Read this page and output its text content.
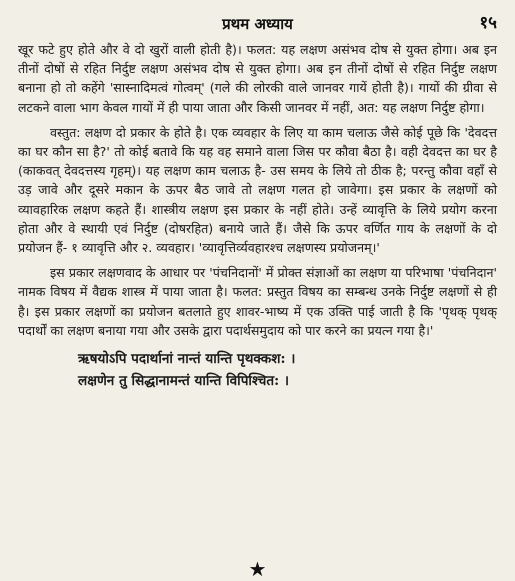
प्रथम अध्याय	१५

खूर फटे हुए होते और वे दो खुरों वाली होती है)। फलत: यह लक्षण असंभव दोष से युक्त होगा। अब इन तीनों दोषों से रहित निर्दुष्ट लक्षण असंभव दोष से युक्त होगा। अब इन तीनों दोषों से रहित निर्दुष्ट लक्षण बनाना हो तो कहेंगे 'सास्नादिमत्वं गोत्वम्' (गले की लोरकी वाले जानवर गायें होती है)। गायों की ग्रीवा से लटकने वाला भाग केवल गायों में ही पाया जाता और किसी जानवर में नहीं, अत: यह लक्षण निर्दुष्ट होगा।

वस्तुत: लक्षण दो प्रकार के होते है। एक व्यवहार के लिए या काम चलाऊ जैसे कोई पूछे कि 'देवदत्त का घर कौन सा है?' तो कोई बतावे कि यह वह समाने वाला जिस पर कौवा बैठा है। वही देवदत्त का घर है (काकवत् देवदत्तस्य गृहम्)। यह लक्षण काम चलाऊ है- उस समय के लिये तो ठीक है; परन्तु कौवा वहाँ से उड़ जावे और दूसरे मकान के ऊपर बैठ जावे तो लक्षण गलत हो जावेगा। इस प्रकार के लक्षणों को व्यावहारिक लक्षण कहते हैं। शास्त्रीय लक्षण इस प्रकार के नहीं होते। उन्हें व्यावृत्ति के लिये प्रयोग करना होता और वे स्थायी एवं निर्दुष्ट (दोषरहित) बनाये जाते हैं। जैसे कि ऊपर वर्णित गाय के लक्षणों के दो प्रयोजन हैं- १ व्यावृत्ति और २. व्यवहार। 'व्यावृत्तिर्व्यवहारश्च लक्षणस्य प्रयोजनम्।'

इस प्रकार लक्षणवाद के आधार पर 'पंचनिदानों' में प्रोक्त संज्ञाओं का लक्षण या परिभाषा 'पंचनिदान' नामक विषय में वैद्यक शास्त्र में पाया जाता है। फलत: प्रस्तुत विषय का सम्बन्ध उनके निर्दुष्ट लक्षणों से ही है। इस प्रकार लक्षणों का प्रयोजन बतलाते हुए शावर-भाष्य में एक उक्ति पाई जाती है कि 'पृथक् पृथक् पदार्थों का लक्षण बनाया गया और उसके द्वारा पदार्थसमुदाय को पार करने का प्रयत्न गया है।'

ऋषयोऽपि पदार्थानां नान्तं यान्ति पृथक्कश: ।
लक्षणेन तु सिद्धानामन्तं यान्ति विपिश्चित: ।
★
